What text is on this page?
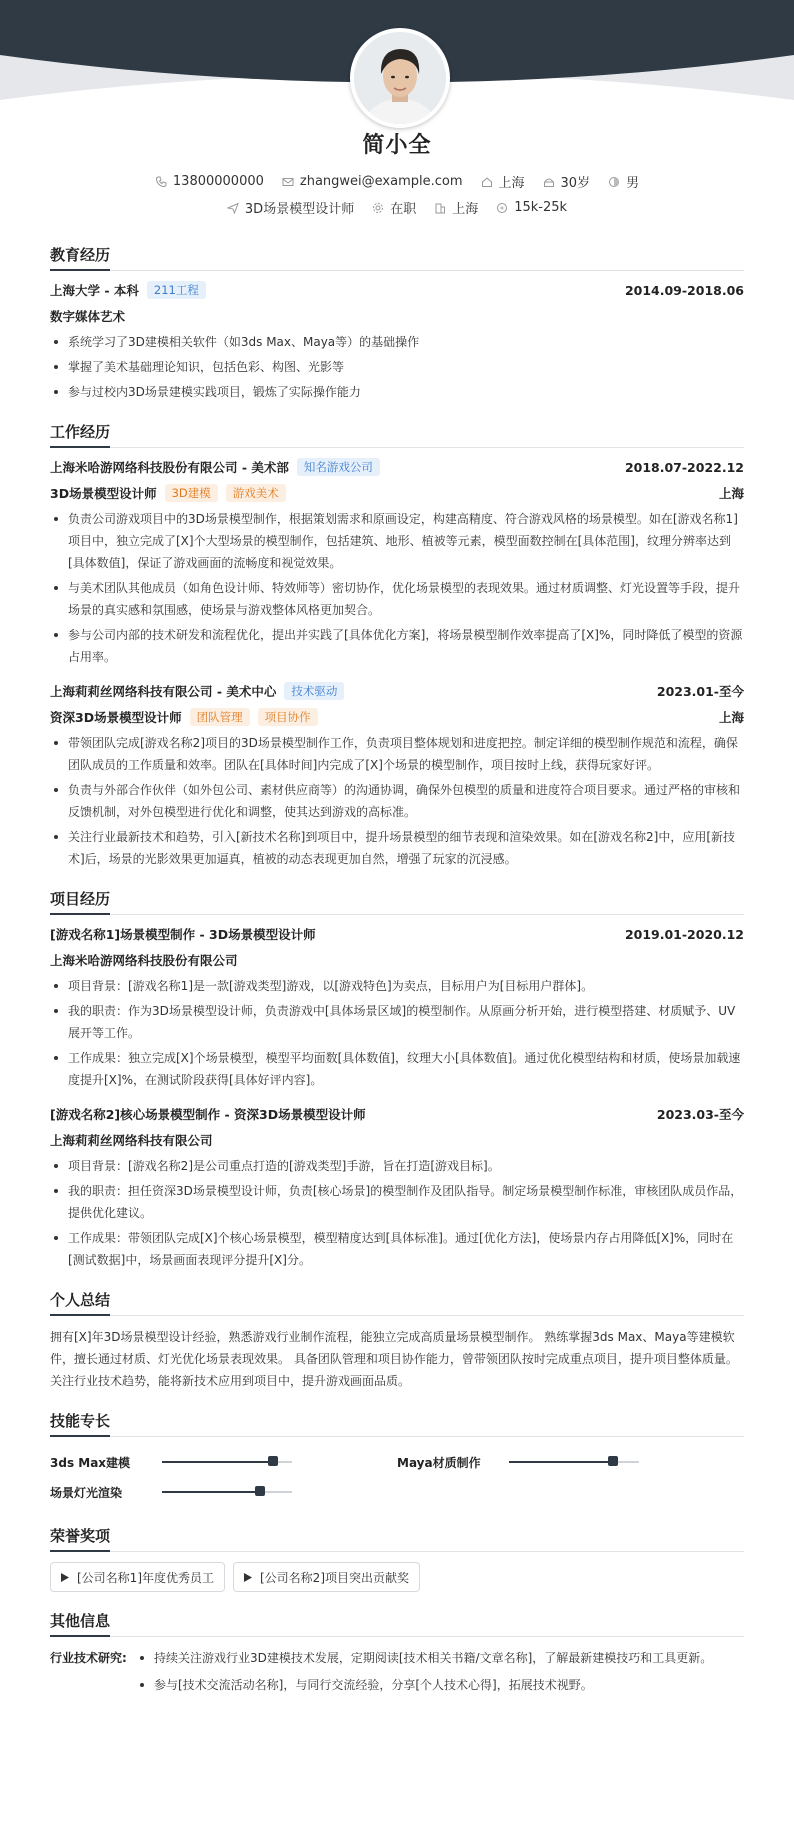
简小全
13800000000	zhangwei@example.com	上海	30岁	男
3D场景模型设计师	在职	上海	15k-25k
教育经历
上海大学 - 本科	211工程	2014.09-2018.06
数字媒体艺术
系统学习了3D建模相关软件（如3ds Max、Maya等）的基础操作
掌握了美术基础理论知识，包括色彩、构图、光影等
参与过校内3D场景建模实践项目，锻炼了实际操作能力
工作经历
上海米哈游网络科技股份有限公司 - 美术部	知名游戏公司	2018.07-2022.12
3D场景模型设计师	3D建模	游戏美术	上海
负责公司游戏项目中的3D场景模型制作，根据策划需求和原画设定，构建高精度、符合游戏风格的场景模型。如在[游戏名称1]项目中，独立完成了[X]个大型场景的模型制作，包括建筑、地形、植被等元素，模型面数控制在[具体范围]，纹理分辨率达到[具体数值]，保证了游戏画面的流畅度和视觉效果。
与美术团队其他成员（如角色设计师、特效师等）密切协作，优化场景模型的表现效果。通过材质调整、灯光设置等手段，提升场景的真实感和氛围感，使场景与游戏整体风格更加契合。
参与公司内部的技术研发和流程优化，提出并实践了[具体优化方案]，将场景模型制作效率提高了[X]%，同时降低了模型的资源占用率。
上海莉莉丝网络科技有限公司 - 美术中心	技术驱动	2023.01-至今
资深3D场景模型设计师	团队管理	项目协作	上海
带领团队完成[游戏名称2]项目的3D场景模型制作工作，负责项目整体规划和进度把控。制定详细的模型制作规范和流程，确保团队成员的工作质量和效率。团队在[具体时间]内完成了[X]个场景的模型制作，项目按时上线，获得玩家好评。
负责与外部合作伙伴（如外包公司、素材供应商等）的沟通协调，确保外包模型的质量和进度符合项目要求。通过严格的审核和反馈机制，对外包模型进行优化和调整，使其达到游戏的高标准。
关注行业最新技术和趋势，引入[新技术名称]到项目中，提升场景模型的细节表现和渲染效果。如在[游戏名称2]中，应用[新技术]后，场景的光影效果更加逼真，植被的动态表现更加自然，增强了玩家的沉浸感。
项目经历
[游戏名称1]场景模型制作 - 3D场景模型设计师	2019.01-2020.12
上海米哈游网络科技股份有限公司
项目背景：[游戏名称1]是一款[游戏类型]游戏，以[游戏特色]为卖点，目标用户为[目标用户群体]。
我的职责：作为3D场景模型设计师，负责游戏中[具体场景区域]的模型制作。从原画分析开始，进行模型搭建、材质赋予、UV展开等工作。
工作成果：独立完成[X]个场景模型，模型平均面数[具体数值]，纹理大小[具体数值]。通过优化模型结构和材质，使场景加载速度提升[X]%，在测试阶段获得[具体好评内容]。
[游戏名称2]核心场景模型制作 - 资深3D场景模型设计师	2023.03-至今
上海莉莉丝网络科技有限公司
项目背景：[游戏名称2]是公司重点打造的[游戏类型]手游，旨在打造[游戏目标]。
我的职责：担任资深3D场景模型设计师，负责[核心场景]的模型制作及团队指导。制定场景模型制作标准，审核团队成员作品，提供优化建议。
工作成果：带领团队完成[X]个核心场景模型，模型精度达到[具体标准]。通过[优化方法]，使场景内存占用降低[X]%，同时在[测试数据]中，场景画面表现评分提升[X]分。
个人总结
拥有[X]年3D场景模型设计经验，熟悉游戏行业制作流程，能独立完成高质量场景模型制作。 熟练掌握3ds Max、Maya等建模软件，擅长通过材质、灯光优化场景表现效果。 具备团队管理和项目协作能力，曾带领团队按时完成重点项目，提升项目整体质量。 关注行业技术趋势，能将新技术应用到项目中，提升游戏画面品质。
技能专长
3ds Max建模	Maya材质制作
场景灯光渲染
荣誉奖项
[公司名称1]年度优秀员工	[公司名称2]项目突出贡献奖
其他信息
行业技术研究:	持续关注游戏行业3D建模技术发展，定期阅读[技术相关书籍/文章名称]，了解最新建模技巧和工具更新。
参与[技术交流活动名称]，与同行交流经验，分享[个人技术心得]，拓展技术视野。
